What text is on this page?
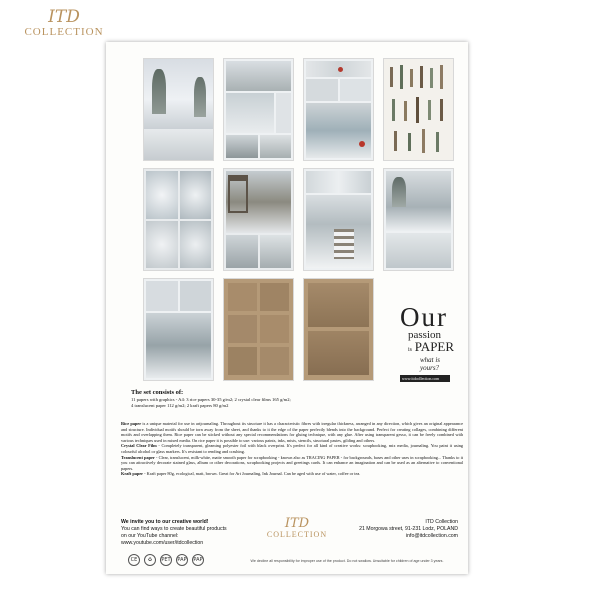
ITD
COLLECTION
Our
passion
is PAPER
what is yours?
www.itdcollection.com
The set consists of:
11 papers with graphics - A4: 3 rice papers 30-35 g/m2; 2 crystal clear films 165 g/m2;
4 translucent paper 112 g/m2; 2 kraft papers 80 g/m2

Rice paper is a unique material for use in artjournaling. Throughout its structure it has a characteristic fibres with irregular thickness, arranged in any direction, which gives an original appearance and structure. Individual motifs should be torn away from the sheet, and thanks to it the edge of the paper perfectly blends into the background. Perfect for creating collages, combining different motifs and overlapping them. Rice paper can be sticked without any special recommendations for gluing technique, with any glue. After using transparent gesso, it can be freely combined with various techniques used in mixed media. On rice paper it is possible to use: various paints, inks, mists, stencils, structural pastes, gilding and others.

Crystal Clear Film - Completely transparent, gleaming polyester foil with black overprint. It's perfect for all kind of creative works: scrapbooking, mix media, journaling. You paint it using colourful alcohol or glass markers. It's resistant to rending and crashing.

Translucent paper - Clear, translucent, milk-white, matte smooth paper for scrapbooking - known also as TRACING PAPER - for backgrounds, bases and other uses in scrapbooking... Thanks to it you can attractively decorate stained glass, album or other decorations, scrapbooking projects and greetings cards. It can enhance an imagination and can be used as an alternative to conventional papers.

Kraft paper - Kraft paper 80g, ecological, matt, brown. Great for Art Journaling, Ink Journal. Can be aged with use of water, coffee or tea.

We invite you to our creative world!
You can find ways to create beautiful products
on our YouTube channel:
www.youtube.com/user/itdcollection
ITD
COLLECTION
ITD Collection
21 Morgowa street, 91-231 Lodz, POLAND
info@itdcollection.com
CE	♻	PET PAP PAP	We decline all responsibility for improper use of the product. Do not swallow. Unsuitable for children of age under 3 years.
